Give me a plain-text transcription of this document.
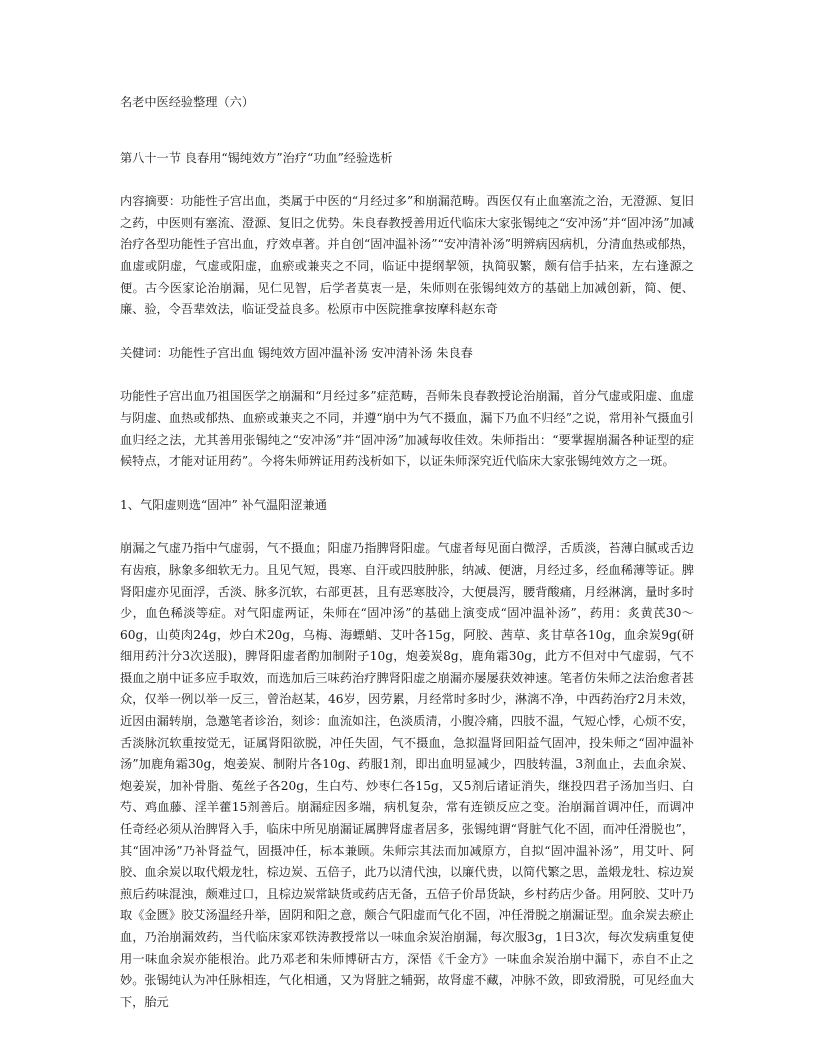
名老中医经验整理（六）

第八十一节 良春用“锡纯效方”治疗“功血”经验选析

内容摘要：功能性子宫出血，类属于中医的“月经过多”和崩漏范畴。西医仅有止血塞流之治，无澄源、复旧之药，中医则有塞流、澄源、复旧之优势。朱良春教授善用近代临床大家张锡纯之“安冲汤”并“固冲汤”加减治疗各型功能性子宫出血，疗效卓著。并自创“固冲温补汤”“安冲清补汤”明辨病因病机，分清血热或郁热，血虚或阴虚，气虚或阳虚，血瘀或兼夹之不同，临证中提纲挈领，执简驭繁，颇有信手拈来，左右逢源之便。古今医家论治崩漏，见仁见智，后学者莫衷一是，朱师则在张锡纯效方的基础上加减创新，简、便、廉、验，令吾辈效法，临证受益良多。松原市中医院推拿按摩科赵东奇

关健词：功能性子宫出血 锡纯效方固冲温补汤 安冲清补汤 朱良春

功能性子宫出血乃祖国医学之崩漏和“月经过多”症范畴，吾师朱良春教授论治崩漏，首分气虚或阳虚、血虚与阴虚、血热或郁热、血瘀或兼夹之不同，并遵“崩中为气不摄血，漏下乃血不归经”之说，常用补气摄血引血归经之法，尤其善用张锡纯之“安冲汤”并“固冲汤”加减每收佳效。朱师指出：“要掌握崩漏各种证型的症候特点，才能对证用药”。今将朱师辨证用药浅析如下，以证朱师深究近代临床大家张锡纯效方之一斑。

1、气阳虚则选“固冲” 补气温阳涩兼通

崩漏之气虚乃指中气虚弱，气不摄血；阳虚乃指脾肾阳虚。气虚者每见面白微浮，舌质淡，苔薄白腻或舌边有齿痕，脉象多细软无力。且见气短，畏寒、自汗或四肢肿胀，纳减、便溏，月经过多，经血稀薄等证。脾肾阳虚亦见面浮，舌淡、脉多沉软，右部更甚，且有恶寒肢冷，大便晨泻，腰背酸痛，月经淋漓，量时多时少，血色稀淡等症。对气阳虚两证，朱师在“固冲汤”的基础上演变成“固冲温补汤”，药用：炙黄芪30～60g，山萸肉24g，炒白术20g，乌梅、海螵蛸、艾叶各15g，阿胶、茜草、炙甘草各10g，血余炭9g(研细用药汁分3次送服)，脾肾阳虚者酌加制附子10g，炮姜炭8g，鹿角霜30g，此方不但对中气虚弱，气不摄血之崩中证多应手取效，而选加后三味药治疗脾肾阳虚之崩漏亦屡屡获效神速。笔者仿朱师之法治愈者甚众，仅举一例以举一反三，曾治赵某，46岁，因劳累，月经常时多时少，淋漓不净，中西药治疗2月未效，近因由漏转崩，急邀笔者诊治，刻诊：血流如注，色淡质清，小腹冷痛，四肢不温，气短心悸，心烦不安，舌淡脉沉软重按觉无，证属肾阳欲脱，冲任失固，气不摄血，急拟温肾回阳益气固冲，投朱师之“固冲温补汤”加鹿角霜30g，炮姜炭、制附片各10g、药服1剂，即出血明显减少，四肢转温，3剂血止，去血余炭、炮姜炭，加补骨脂、菟丝子各20g，生白芍、炒枣仁各15g，又5剂后诸证消失，继投四君子汤加当归、白芍、鸡血藤、淫羊藿15剂善后。崩漏症因多端，病机复杂，常有连锁反应之变。治崩漏首调冲任，而调冲任奇经必须从治脾肾入手，临床中所见崩漏证属脾肾虚者居多，张锡纯谓“肾脏气化不固，而冲任滑脱也”，其“固冲汤”乃补肾益气，固摄冲任，标本兼顾。朱师宗其法而加减原方，自拟“固冲温补汤”，用艾叶、阿胶、血余炭以取代煅龙牡，棕边炭、五倍子，此乃以清代浊，以廉代贵，以简代繁之思，盖煅龙牡、棕边炭煎后药味混浊，颇难过口，且棕边炭常缺货或药店无备，五倍子价昂货缺，乡村药店少备。用阿胶、艾叶乃取《金匮》胶艾汤温经升举，固阴和阳之意，颇合气阳虚而气化不固，冲任滑脱之崩漏证型。血余炭去瘀止血，乃治崩漏效药，当代临床家邓铁涛教授常以一味血余炭治崩漏，每次服3g，1日3次，每次发病重复使用一味血余炭亦能根治。此乃邓老和朱师博研古方，深悟《千金方》一味血余炭治崩中漏下，赤自不止之妙。张锡纯认为冲任脉相连，气化相通，又为肾脏之辅弼，故肾虚不藏，冲脉不敛，即致滑脱，可见经血大下，胎元
